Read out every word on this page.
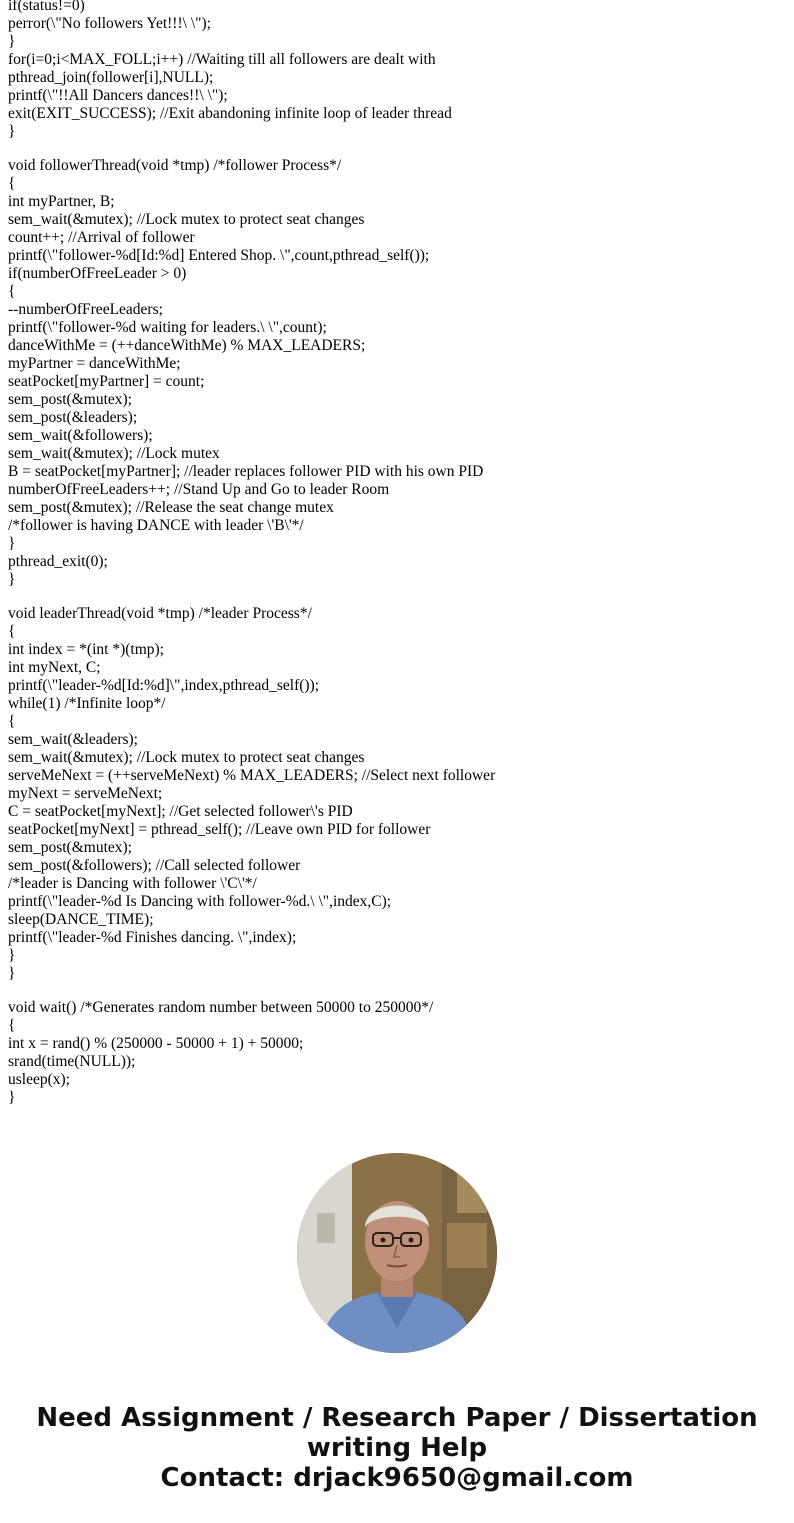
if(status!=0)
perror(\"No followers Yet!!!\ \");
}
for(i=0;i<MAX_FOLL;i++) //Waiting till all followers are dealt with
pthread_join(follower[i],NULL);
printf(\"!!All Dancers dances!!\ \");
exit(EXIT_SUCCESS); //Exit abandoning infinite loop of leader thread
}
void followerThread(void *tmp) /*follower Process*/
{
int myPartner, B;
sem_wait(&mutex); //Lock mutex to protect seat changes
count++; //Arrival of follower
printf(\"follower-%d[Id:%d] Entered Shop. \",count,pthread_self());
if(numberOfFreeLeader > 0)
{
--numberOfFreeLeaders;
printf(\"follower-%d waiting for leaders.\ \",count);
danceWithMe = (++danceWithMe) % MAX_LEADERS;
myPartner = danceWithMe;
seatPocket[myPartner] = count;
sem_post(&mutex);
sem_post(&leaders);
sem_wait(&followers);
sem_wait(&mutex); //Lock mutex
B = seatPocket[myPartner]; //leader replaces follower PID with his own PID
numberOfFreeLeaders++; //Stand Up and Go to leader Room
sem_post(&mutex); //Release the seat change mutex
/*follower is having DANCE with leader \'B\'*/
}
pthread_exit(0);
}
void leaderThread(void *tmp) /*leader Process*/
{
int index = *(int *)(tmp);
int myNext, C;
printf(\"leader-%d[Id:%d]\",index,pthread_self());
while(1) /*Infinite loop*/
{
sem_wait(&leaders);
sem_wait(&mutex); //Lock mutex to protect seat changes
serveMeNext = (++serveMeNext) % MAX_LEADERS; //Select next follower
myNext = serveMeNext;
C = seatPocket[myNext]; //Get selected follower\'s PID
seatPocket[myNext] = pthread_self(); //Leave own PID for follower
sem_post(&mutex);
sem_post(&followers); //Call selected follower
/*leader is Dancing with follower \'C\'*/
printf(\"leader-%d Is Dancing with follower-%d.\ \",index,C);
sleep(DANCE_TIME);
printf(\"leader-%d Finishes dancing. \",index);
}
}
void wait() /*Generates random number between 50000 to 250000*/
{
int x = rand() % (250000 - 50000 + 1) + 50000;
srand(time(NULL));
usleep(x);
}
Need Assignment / Research Paper / Dissertation
writing Help
Contact: drjack9650@gmail.com
